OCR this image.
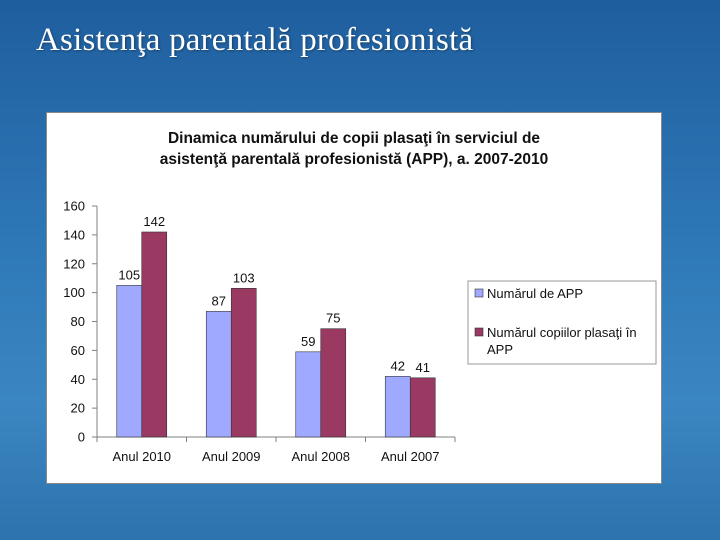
Asistenţa parentală profesionistă
Dinamica numărului de copii plasaţi în serviciul de
asistenţă parentală profesionistă (APP), a. 2007-2010
0
20
40
60
80
100
120
140
160
Anul 2010 Anul 2009 Anul 2008 Anul 2007
105
142
87
103
59
75
42 41
Numărul de APP
Numărul copiilor plasaţi în
APP
